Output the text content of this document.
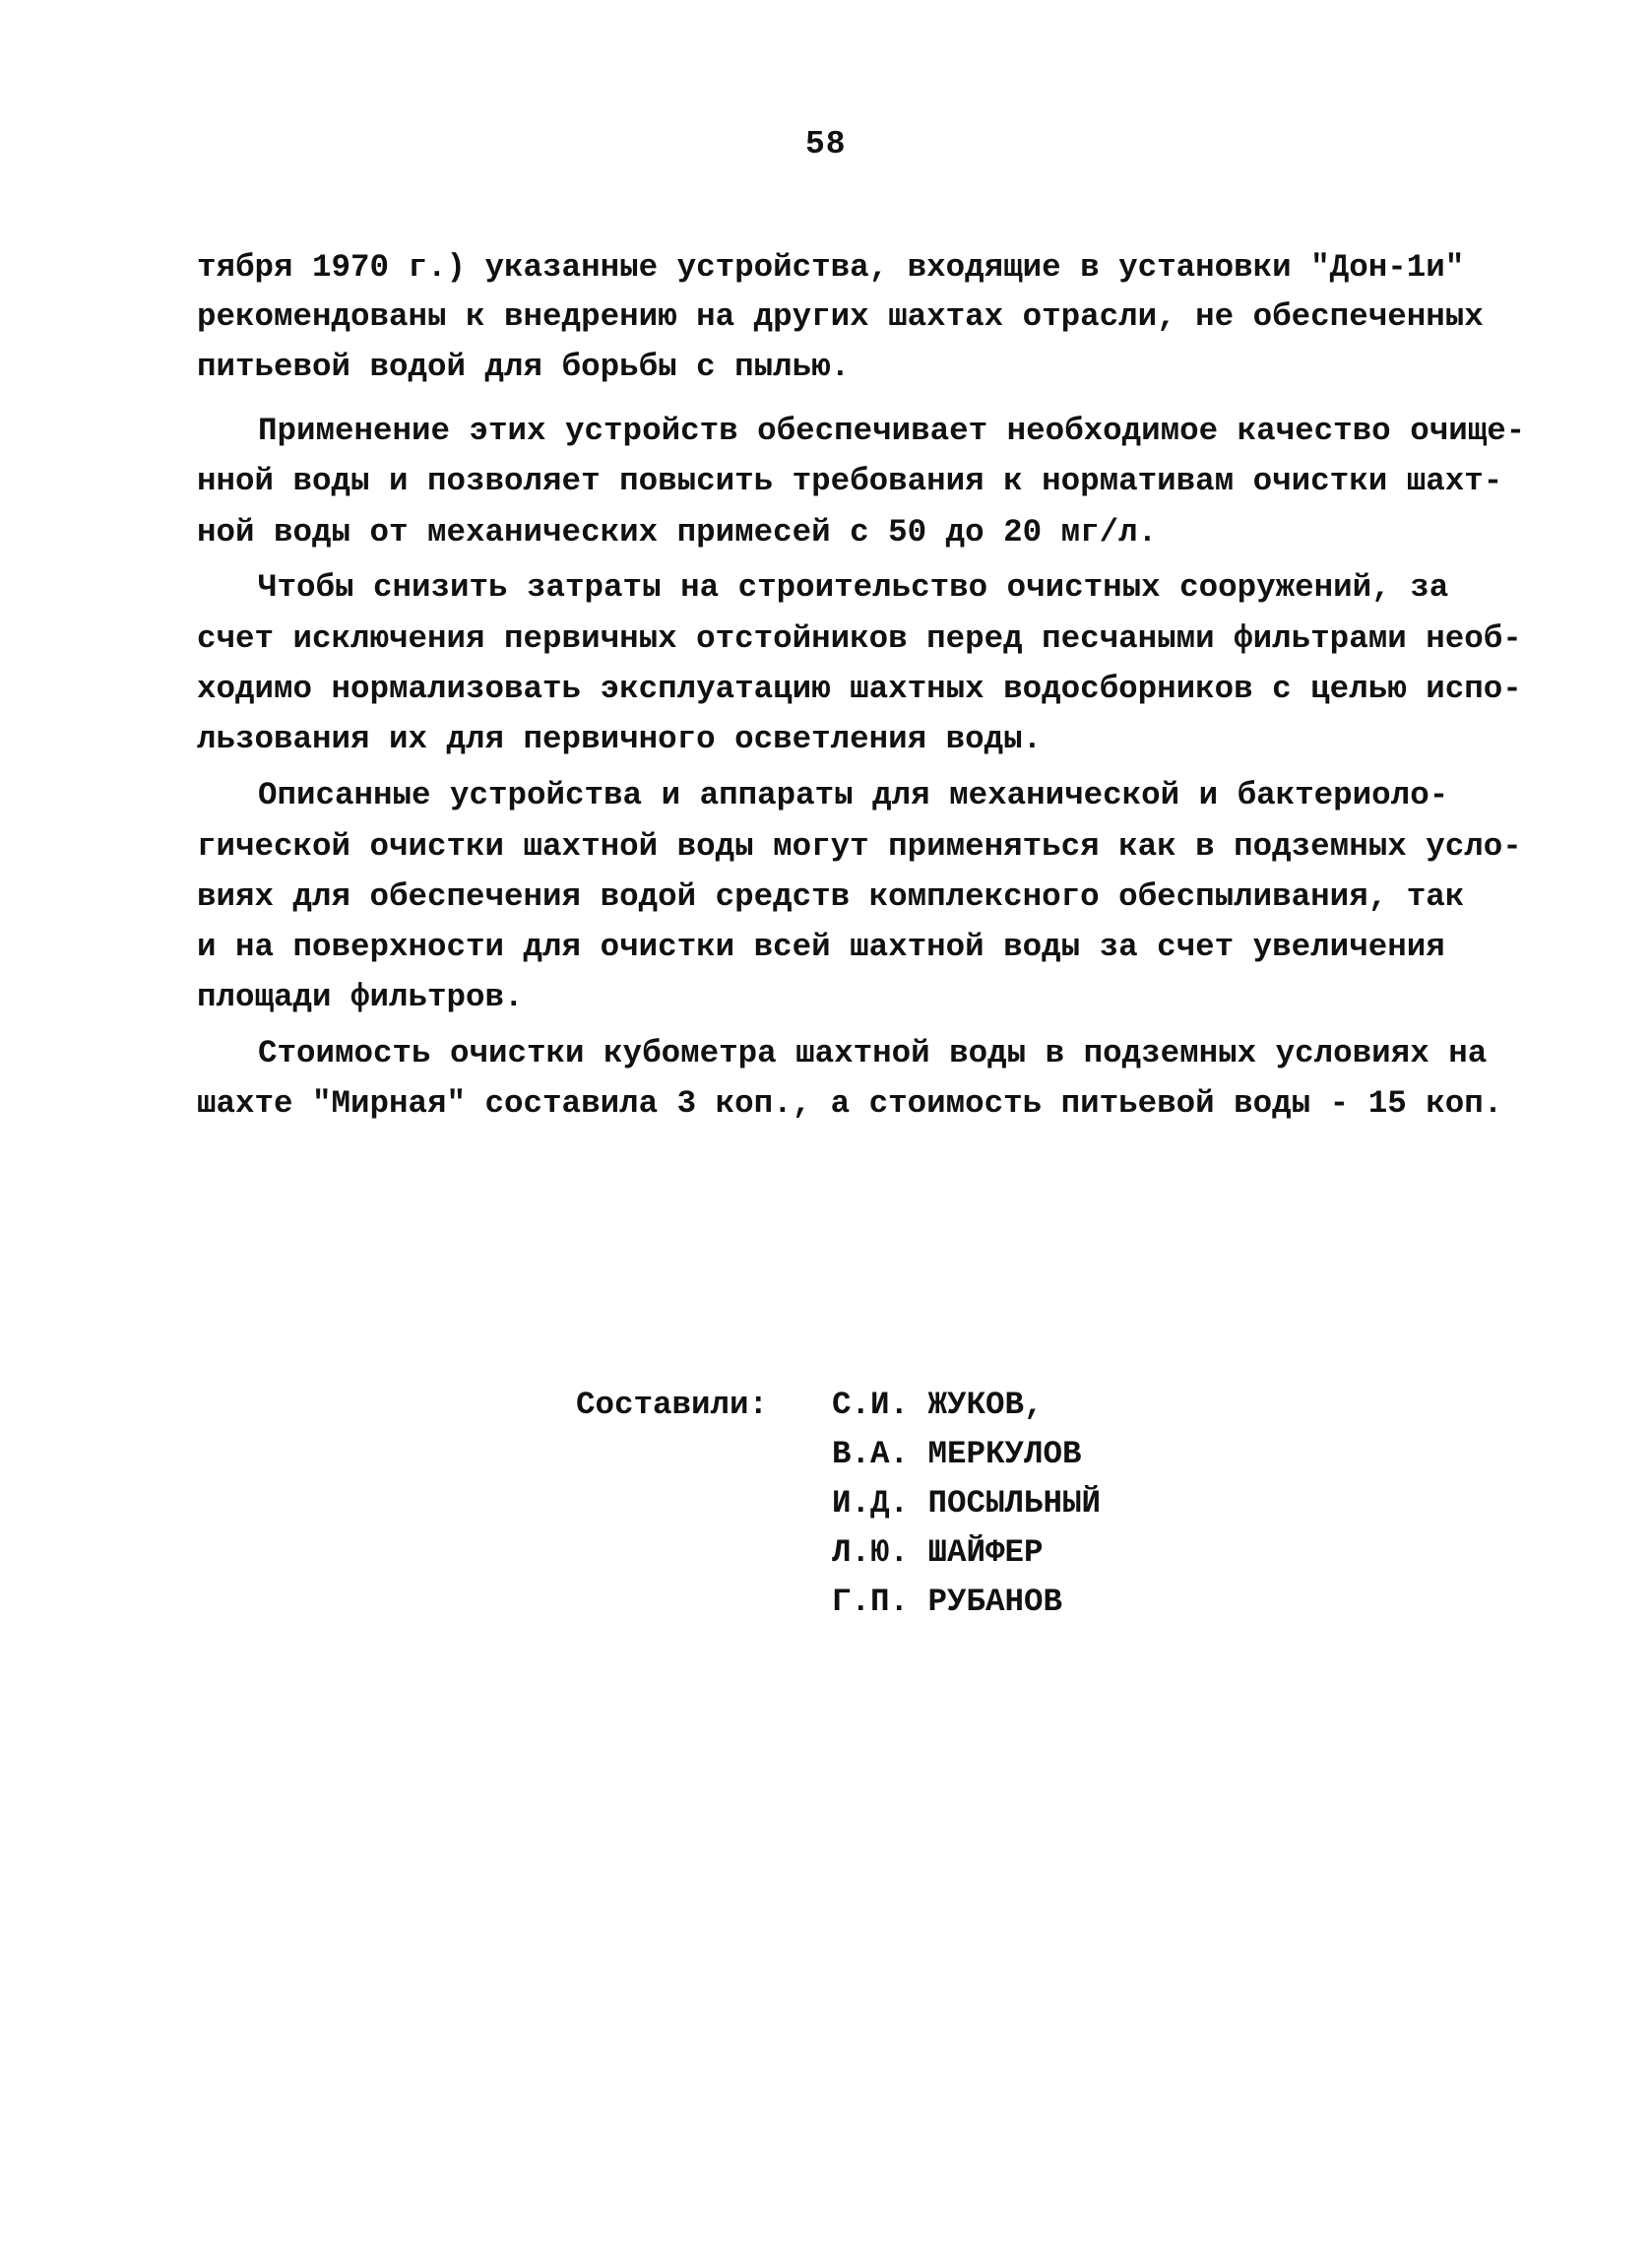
58
тября 1970 г.) указанные устройства, входящие в установки "Дон-1и"
рекомендованы к внедрению на других шахтах отрасли, не обеспеченных
питьевой водой для борьбы с пылью.
Применение этих устройств обеспечивает необходимое качество очище-
нной воды и позволяет повысить требования к нормативам очистки шахт-
ной воды от механических примесей с 50 до 20 мг/л.
Чтобы снизить затраты на строительство очистных сооружений, за
счет исключения первичных отстойников перед песчаными фильтрами необ-
ходимо нормализовать эксплуатацию шахтных водосборников с целью испо-
льзования их для первичного осветления воды.
Описанные устройства и аппараты для механической и бактериоло-
гической очистки шахтной воды могут применяться как в подземных усло-
виях для обеспечения водой средств комплексного обеспыливания, так
и на поверхности для очистки всей шахтной воды за счет увеличения
площади фильтров.
Стоимость очистки кубометра шахтной воды в подземных условиях на
шахте "Мирная" составила 3 коп., а стоимость питьевой воды - 15 коп.
Составили: С.И. ЖУКОВ,
В.А. МЕРКУЛОВ
И.Д. ПОСЫЛЬНЫЙ
Л.Ю. ШАЙФЕР
Г.П. РУБАНОВ
